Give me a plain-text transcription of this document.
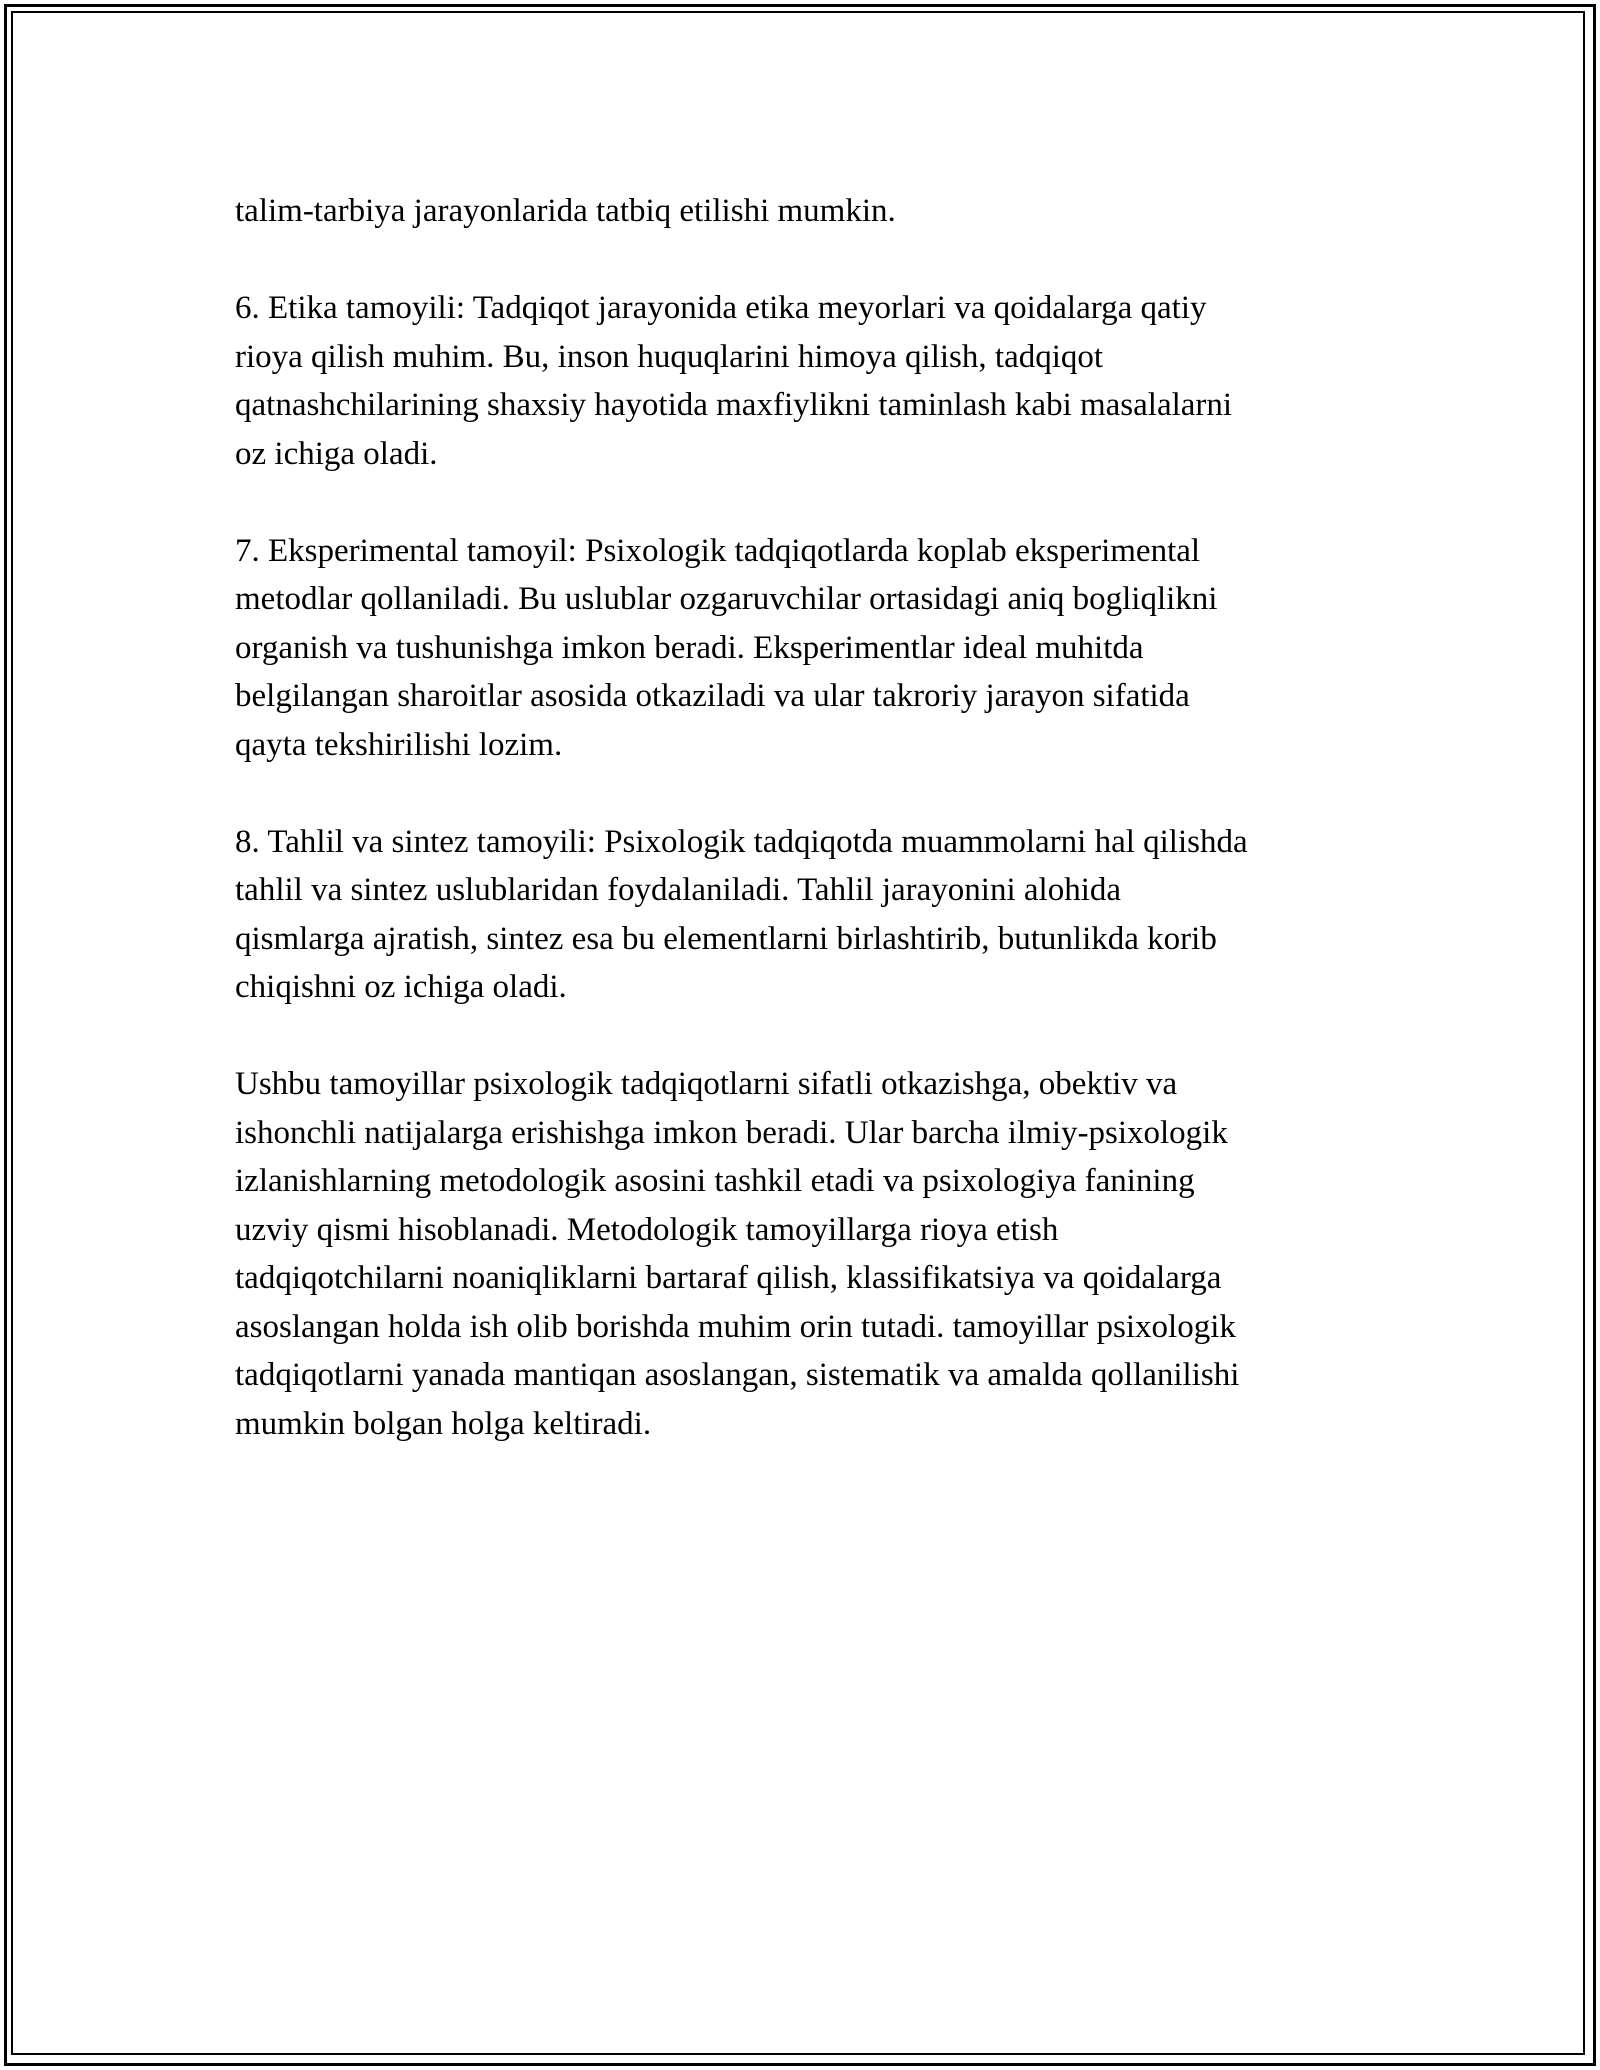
talim-tarbiya jarayonlarida tatbiq etilishi mumkin.

6. Etika tamoyili: Tadqiqot jarayonida etika meyorlari va qoidalarga qatiy
rioya qilish muhim. Bu, inson huquqlarini himoya qilish, tadqiqot
qatnashchilarining shaxsiy hayotida maxfiylikni taminlash kabi masalalarni
oz ichiga oladi.

7. Eksperimental tamoyil: Psixologik tadqiqotlarda koplab eksperimental
metodlar qollaniladi. Bu uslublar ozgaruvchilar ortasidagi aniq bogliqlikni
organish va tushunishga imkon beradi. Eksperimentlar ideal muhitda
belgilangan sharoitlar asosida otkaziladi va ular takroriy jarayon sifatida
qayta tekshirilishi lozim.

8. Tahlil va sintez tamoyili: Psixologik tadqiqotda muammolarni hal qilishda
tahlil va sintez uslublaridan foydalaniladi. Tahlil jarayonini alohida
qismlarga ajratish, sintez esa bu elementlarni birlashtirib, butunlikda korib
chiqishni oz ichiga oladi.

Ushbu tamoyillar psixologik tadqiqotlarni sifatli otkazishga, obektiv va
ishonchli natijalarga erishishga imkon beradi. Ular barcha ilmiy-psixologik
izlanishlarning metodologik asosini tashkil etadi va psixologiya fanining
uzviy qismi hisoblanadi. Metodologik tamoyillarga rioya etish
tadqiqotchilarni noaniqliklarni bartaraf qilish, klassifikatsiya va qoidalarga
asoslangan holda ish olib borishda muhim orin tutadi. tamoyillar psixologik
tadqiqotlarni yanada mantiqan asoslangan, sistematik va amalda qollanilishi
mumkin bolgan holga keltiradi.
